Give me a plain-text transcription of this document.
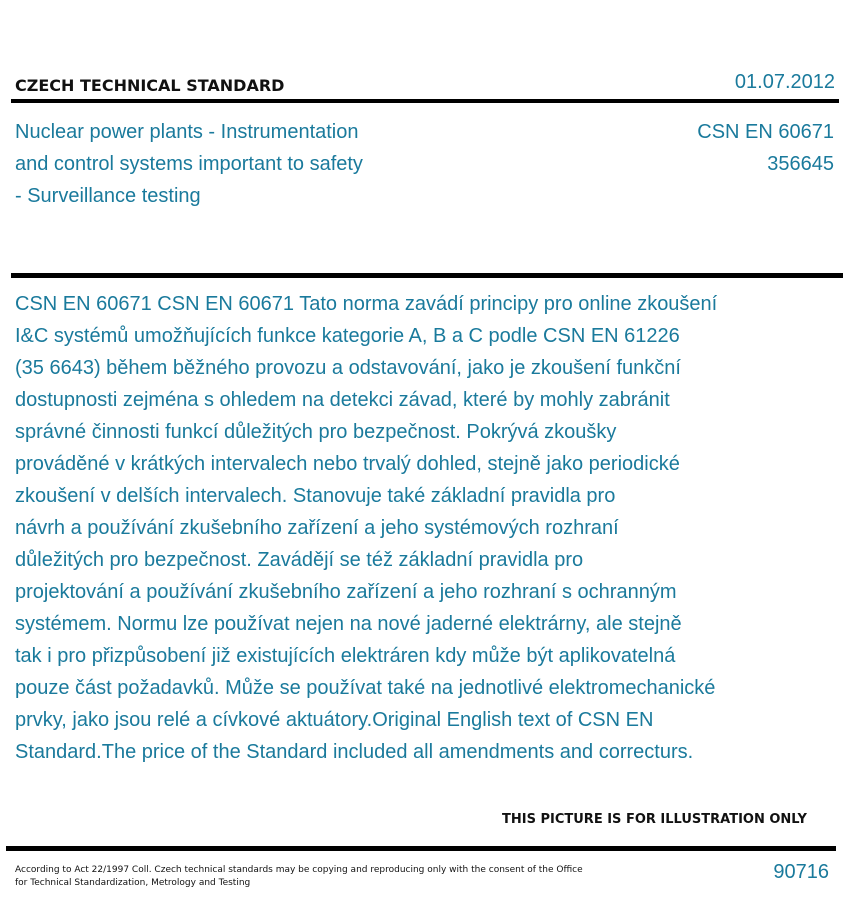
CZECH TECHNICAL STANDARD	01.07.2012
Nuclear power plants - Instrumentation
and control systems important to safety
- Surveillance testing
CSN EN 60671
356645
CSN EN 60671 CSN EN 60671 Tato norma zavádí principy pro online zkoušení
I&C systémů umožňujících funkce kategorie A, B a C podle CSN EN 61226
(35 6643) během běžného provozu a odstavování, jako je zkoušení funkční
dostupnosti zejména s ohledem na detekci závad, které by mohly zabránit
správné činnosti funkcí důležitých pro bezpečnost. Pokrývá zkoušky
prováděné v krátkých intervalech nebo trvalý dohled, stejně jako periodické
zkoušení v delších intervalech. Stanovuje také základní pravidla pro
návrh a používání zkušebního zařízení a jeho systémových rozhraní
důležitých pro bezpečnost. Zavádějí se též základní pravidla pro
projektování a používání zkušebního zařízení a jeho rozhraní s ochranným
systémem. Normu lze používat nejen na nové jaderné elektrárny, ale stejně
tak i pro přizpůsobení již existujících elektráren kdy může být aplikovatelná
pouze část požadavků. Může se používat také na jednotlivé elektromechanické
prvky, jako jsou relé a cívkové aktuátory.Original English text of CSN EN
Standard.The price of the Standard included all amendments and correcturs.
THIS PICTURE IS FOR ILLUSTRATION ONLY
According to Act 22/1997 Coll. Czech technical standards may be copying and reproducing only with the consent of the Office
for Technical Standardization, Metrology and Testing	90716
